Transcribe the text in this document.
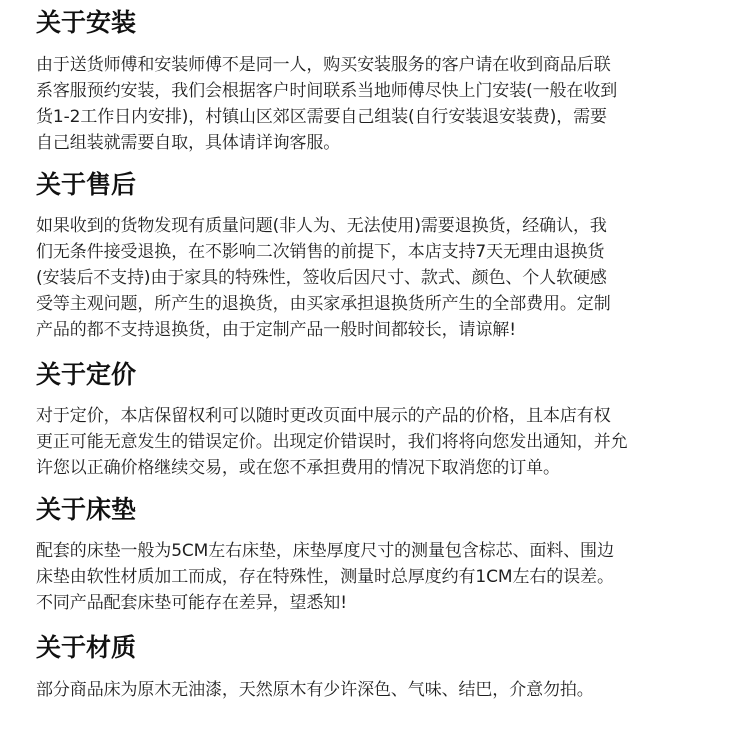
关于安装
由于送货师傅和安装师傅不是同一人，购买安装服务的客户请在收到商品后联
系客服预约安装，我们会根据客户时间联系当地师傅尽快上门安装(一般在收到
货1-2工作日内安排)，村镇山区郊区需要自己组装(自行安装退安装费)，需要
自己组装就需要自取，具体请详询客服。
关于售后
如果收到的货物发现有质量问题(非人为、无法使用)需要退换货，经确认，我
们无条件接受退换，在不影响二次销售的前提下，本店支持7天无理由退换货
(安装后不支持)由于家具的特殊性，签收后因尺寸、款式、颜色、个人软硬感
受等主观问题，所产生的退换货，由买家承担退换货所产生的全部费用。定制
产品的都不支持退换货，由于定制产品一般时间都较长，请谅解!
关于定价
对于定价，本店保留权利可以随时更改页面中展示的产品的价格，且本店有权
更正可能无意发生的错误定价。出现定价错误时，我们将将向您发出通知，并允
许您以正确价格继续交易，或在您不承担费用的情况下取消您的订单。
关于床垫
配套的床垫一般为5CM左右床垫，床垫厚度尺寸的测量包含棕芯、面料、围边
床垫由软性材质加工而成，存在特殊性，测量时总厚度约有1CM左右的误差。
不同产品配套床垫可能存在差异，望悉知!
关于材质
部分商品床为原木无油漆，天然原木有少许深色、气味、结巴，介意勿拍。
